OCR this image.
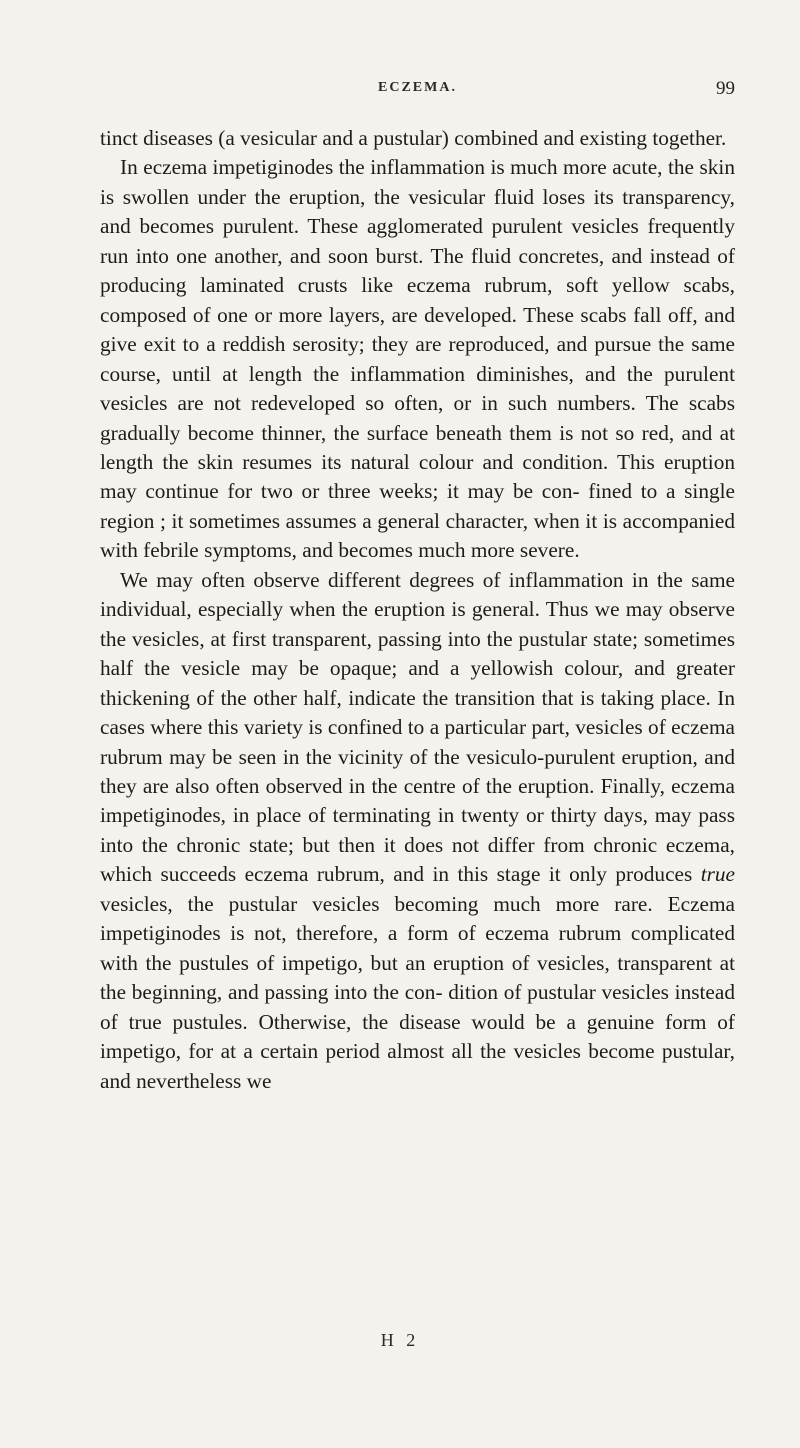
ECZEMA.	99

tinct diseases (a vesicular and a pustular) combined and existing together.

In eczema impetiginodes the inflammation is much more acute, the skin is swollen under the eruption, the vesicular fluid loses its transparency, and becomes purulent. These agglomerated purulent vesicles frequently run into one another, and soon burst. The fluid concretes, and instead of producing laminated crusts like eczema rubrum, soft yellow scabs, composed of one or more layers, are developed. These scabs fall off, and give exit to a reddish serosity; they are reproduced, and pursue the same course, until at length the inflammation diminishes, and the purulent vesicles are not redeveloped so often, or in such numbers. The scabs gradually become thinner, the surface beneath them is not so red, and at length the skin resumes its natural colour and condition. This eruption may continue for two or three weeks; it may be con- fined to a single region ; it sometimes assumes a general character, when it is accompanied with febrile symptoms, and becomes much more severe.

We may often observe different degrees of inflammation in the same individual, especially when the eruption is general. Thus we may observe the vesicles, at first transparent, passing into the pustular state; sometimes half the vesicle may be opaque; and a yellowish colour, and greater thickening of the other half, indicate the transition that is taking place. In cases where this variety is confined to a particular part, vesicles of eczema rubrum may be seen in the vicinity of the vesiculo-purulent eruption, and they are also often observed in the centre of the eruption. Finally, eczema impetiginodes, in place of terminating in twenty or thirty days, may pass into the chronic state; but then it does not differ from chronic eczema, which succeeds eczema rubrum, and in this stage it only produces true vesicles, the pustular vesicles becoming much more rare. Eczema impetiginodes is not, therefore, a form of eczema rubrum complicated with the pustules of impetigo, but an eruption of vesicles, transparent at the beginning, and passing into the con- dition of pustular vesicles instead of true pustules. Otherwise, the disease would be a genuine form of impetigo, for at a certain period almost all the vesicles become pustular, and nevertheless we

H 2
